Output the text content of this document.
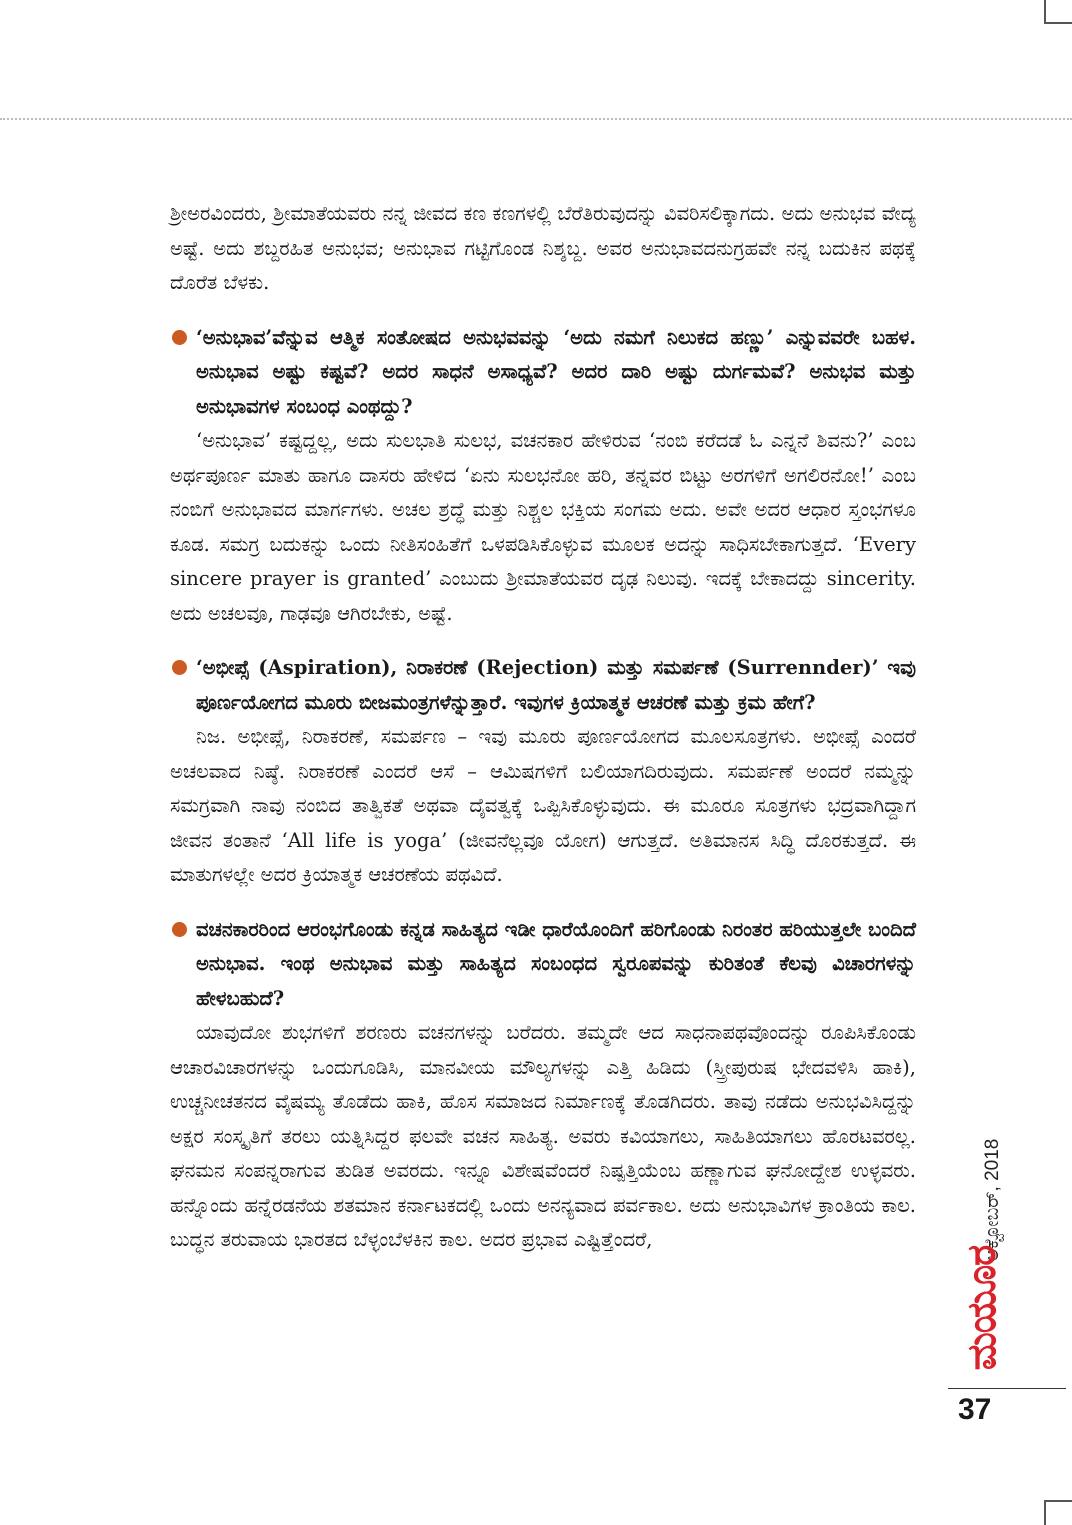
ಶ್ರೀಅರವಿಂದರು, ಶ್ರೀಮಾತೆಯವರು ನನ್ನ ಜೀವದ ಕಣ ಕಣಗಳಲ್ಲಿ ಬೆರೆತಿರುವುದನ್ನು ವಿವರಿಸಲಿಕ್ಕಾಗದು. ಅದು ಅನುಭವ ವೇದ್ಯ ಅಷ್ಟೆ. ಅದು ಶಬ್ದರಹಿತ ಅನುಭವ; ಅನುಭಾವ ಗಟ್ಟಿಗೊಂಡ ನಿಶ್ಶಬ್ದ. ಅವರ ಅನುಭಾವದನುಗ್ರಹವೇ ನನ್ನ ಬದುಕಿನ ಪಥಕ್ಕೆ ದೊರೆತ ಬೆಳಕು.

‘ಅನುಭಾವ’ವೆನ್ನುವ ಆತ್ಮಿಕ ಸಂತೋಷದ ಅನುಭವವನ್ನು ‘ಅದು ನಮಗೆ ನಿಲುಕದ ಹಣ್ಣು’ ಎನ್ನುವವರೇ ಬಹಳ. ಅನುಭಾವ ಅಷ್ಟು ಕಷ್ಟವೆ? ಅದರ ಸಾಧನೆ ಅಸಾಧ್ಯವೆ? ಅದರ ದಾರಿ ಅಷ್ಟು ದುರ್ಗಮವೆ? ಅನುಭವ ಮತ್ತು ಅನುಭಾವಗಳ ಸಂಬಂಧ ಎಂಥದ್ದು?

‘ಅನುಭಾವ’ ಕಷ್ಟದ್ದಲ್ಲ, ಅದು ಸುಲಭಾತಿ ಸುಲಭ, ವಚನಕಾರ ಹೇಳಿರುವ ‘ನಂಬಿ ಕರೆದಡೆ ಓ ಎನ್ನನೆ ಶಿವನು?’ ಎಂಬ ಅರ್ಥಪೂರ್ಣ ಮಾತು ಹಾಗೂ ದಾಸರು ಹೇಳಿದ ‘ಏನು ಸುಲಭನೋ ಹರಿ, ತನ್ನವರ ಬಿಟ್ಟು ಅರಗಳಿಗೆ ಅಗಲಿರನೋ!’ ಎಂಬ ನಂಬಿಗೆ ಅನುಭಾವದ ಮಾರ್ಗಗಳು. ಅಚಲ ಶ್ರದ್ಧೆ ಮತ್ತು ನಿಶ್ಚಲ ಭಕ್ತಿಯ ಸಂಗಮ ಅದು. ಅವೇ ಅದರ ಆಧಾರ ಸ್ತಂಭಗಳೂ ಕೂಡ. ಸಮಗ್ರ ಬದುಕನ್ನು ಒಂದು ನೀತಿಸಂಹಿತೆಗೆ ಒಳಪಡಿಸಿಕೊಳ್ಳುವ ಮೂಲಕ ಅದನ್ನು ಸಾಧಿಸಬೇಕಾಗುತ್ತದೆ. ‘Every sincere prayer is granted’ ಎಂಬುದು ಶ್ರೀಮಾತೆಯವರ ದೃಢ ನಿಲುವು. ಇದಕ್ಕೆ ಬೇಕಾದದ್ದು sincerity. ಅದು ಅಚಲವೂ, ಗಾಢವೂ ಆಗಿರಬೇಕು, ಅಷ್ಟೆ.

‘ಅಭೀಪ್ಸೆ (Aspiration), ನಿರಾಕರಣೆ (Rejection) ಮತ್ತು ಸಮರ್ಪಣೆ (Surrennder)’ ಇವು ಪೂರ್ಣಯೋಗದ ಮೂರು ಬೀಜಮಂತ್ರಗಳೆನ್ನುತ್ತಾರೆ. ಇವುಗಳ ಕ್ರಿಯಾತ್ಮಕ ಆಚರಣೆ ಮತ್ತು ಕ್ರಮ ಹೇಗೆ?

ನಿಜ. ಅಭೀಪ್ಸೆ, ನಿರಾಕರಣೆ, ಸಮರ್ಪಣ – ಇವು ಮೂರು ಪೂರ್ಣಯೋಗದ ಮೂಲಸೂತ್ರಗಳು. ಅಭೀಪ್ಸೆ ಎಂದರೆ ಅಚಲವಾದ ನಿಷ್ಠೆ. ನಿರಾಕರಣೆ ಎಂದರೆ ಆಸೆ – ಆಮಿಷಗಳಿಗೆ ಬಲಿಯಾಗದಿರುವುದು. ಸಮರ್ಪಣೆ ಅಂದರೆ ನಮ್ಮನ್ನು ಸಮಗ್ರವಾಗಿ ನಾವು ನಂಬಿದ ತಾತ್ವಿಕತೆ ಅಥವಾ ದೈವತ್ವಕ್ಕೆ ಒಪ್ಪಿಸಿಕೊಳ್ಳುವುದು. ಈ ಮೂರೂ ಸೂತ್ರಗಳು ಭದ್ರವಾಗಿದ್ದಾಗ ಜೀವನ ತಂತಾನೆ ‘All life is yoga’ (ಜೀವನೆಲ್ಲವೂ ಯೋಗ) ಆಗುತ್ತದೆ. ಅತಿಮಾನಸ ಸಿದ್ಧಿ ದೊರಕುತ್ತದೆ. ಈ ಮಾತುಗಳಲ್ಲೇ ಅದರ ಕ್ರಿಯಾತ್ಮಕ ಆಚರಣೆಯ ಪಥವಿದೆ.

ವಚನಕಾರರಿಂದ ಆರಂಭಗೊಂಡು ಕನ್ನಡ ಸಾಹಿತ್ಯದ ಇಡೀ ಧಾರೆಯೊಂದಿಗೆ ಹರಿಗೊಂಡು ನಿರಂತರ ಹರಿಯುತ್ತಲೇ ಬಂದಿದೆ ಅನುಭಾವ. ಇಂಥ ಅನುಭಾವ ಮತ್ತು ಸಾಹಿತ್ಯದ ಸಂಬಂಧದ ಸ್ವರೂಪವನ್ನು ಕುರಿತಂತೆ ಕೆಲವು ವಿಚಾರಗಳನ್ನು ಹೇಳಬಹುದೆ?

ಯಾವುದೋ ಶುಭಗಳಿಗೆ ಶರಣರು ವಚನಗಳನ್ನು ಬರೆದರು. ತಮ್ಮದೇ ಆದ ಸಾಧನಾಪಥವೊಂದನ್ನು ರೂಪಿಸಿಕೊಂಡು ಆಚಾರವಿಚಾರಗಳನ್ನು ಒಂದುಗೂಡಿಸಿ, ಮಾನವೀಯ ಮೌಲ್ಯಗಳನ್ನು ಎತ್ತಿ ಹಿಡಿದು (ಸ್ತ್ರೀಪುರುಷ ಭೇದವಳಿಸಿ ಹಾಕಿ), ಉಚ್ಚನೀಚತನದ ವೈಷಮ್ಯ ತೊಡೆದು ಹಾಕಿ, ಹೊಸ ಸಮಾಜದ ನಿರ್ಮಾಣಕ್ಕೆ ತೊಡಗಿದರು. ತಾವು ನಡೆದು ಅನುಭವಿಸಿದ್ದನ್ನು ಅಕ್ಷರ ಸಂಸ್ಕೃತಿಗೆ ತರಲು ಯತ್ನಿಸಿದ್ದರ ಫಲವೇ ವಚನ ಸಾಹಿತ್ಯ. ಅವರು ಕವಿಯಾಗಲು, ಸಾಹಿತಿಯಾಗಲು ಹೊರಟವರಲ್ಲ. ಘನಮನ ಸಂಪನ್ನರಾಗುವ ತುಡಿತ ಅವರದು. ಇನ್ನೂ ವಿಶೇಷವೆಂದರೆ ನಿಷ್ಪತ್ತಿಯೆಂಬ ಹಣ್ಣಾಗುವ ಘನೋದ್ದೇಶ ಉಳ್ಳವರು. ಹನ್ನೊಂದು ಹನ್ನೆರಡನೆಯ ಶತಮಾನ ಕರ್ನಾಟಕದಲ್ಲಿ ಒಂದು ಅನನ್ಯವಾದ ಪರ್ವಕಾಲ. ಅದು ಅನುಭಾವಿಗಳ ಕ್ರಾಂತಿಯ ಕಾಲ. ಬುದ್ಧನ ತರುವಾಯ ಭಾರತದ ಬೆಳ್ಳಂಬೆಳಕಿನ ಕಾಲ. ಅದರ ಪ್ರಭಾವ ಎಷ್ಟಿತ್ತೆಂದರೆ,	ಅಕ್ಟೋಬರ್, 2018
ಮಯೂರ
37
